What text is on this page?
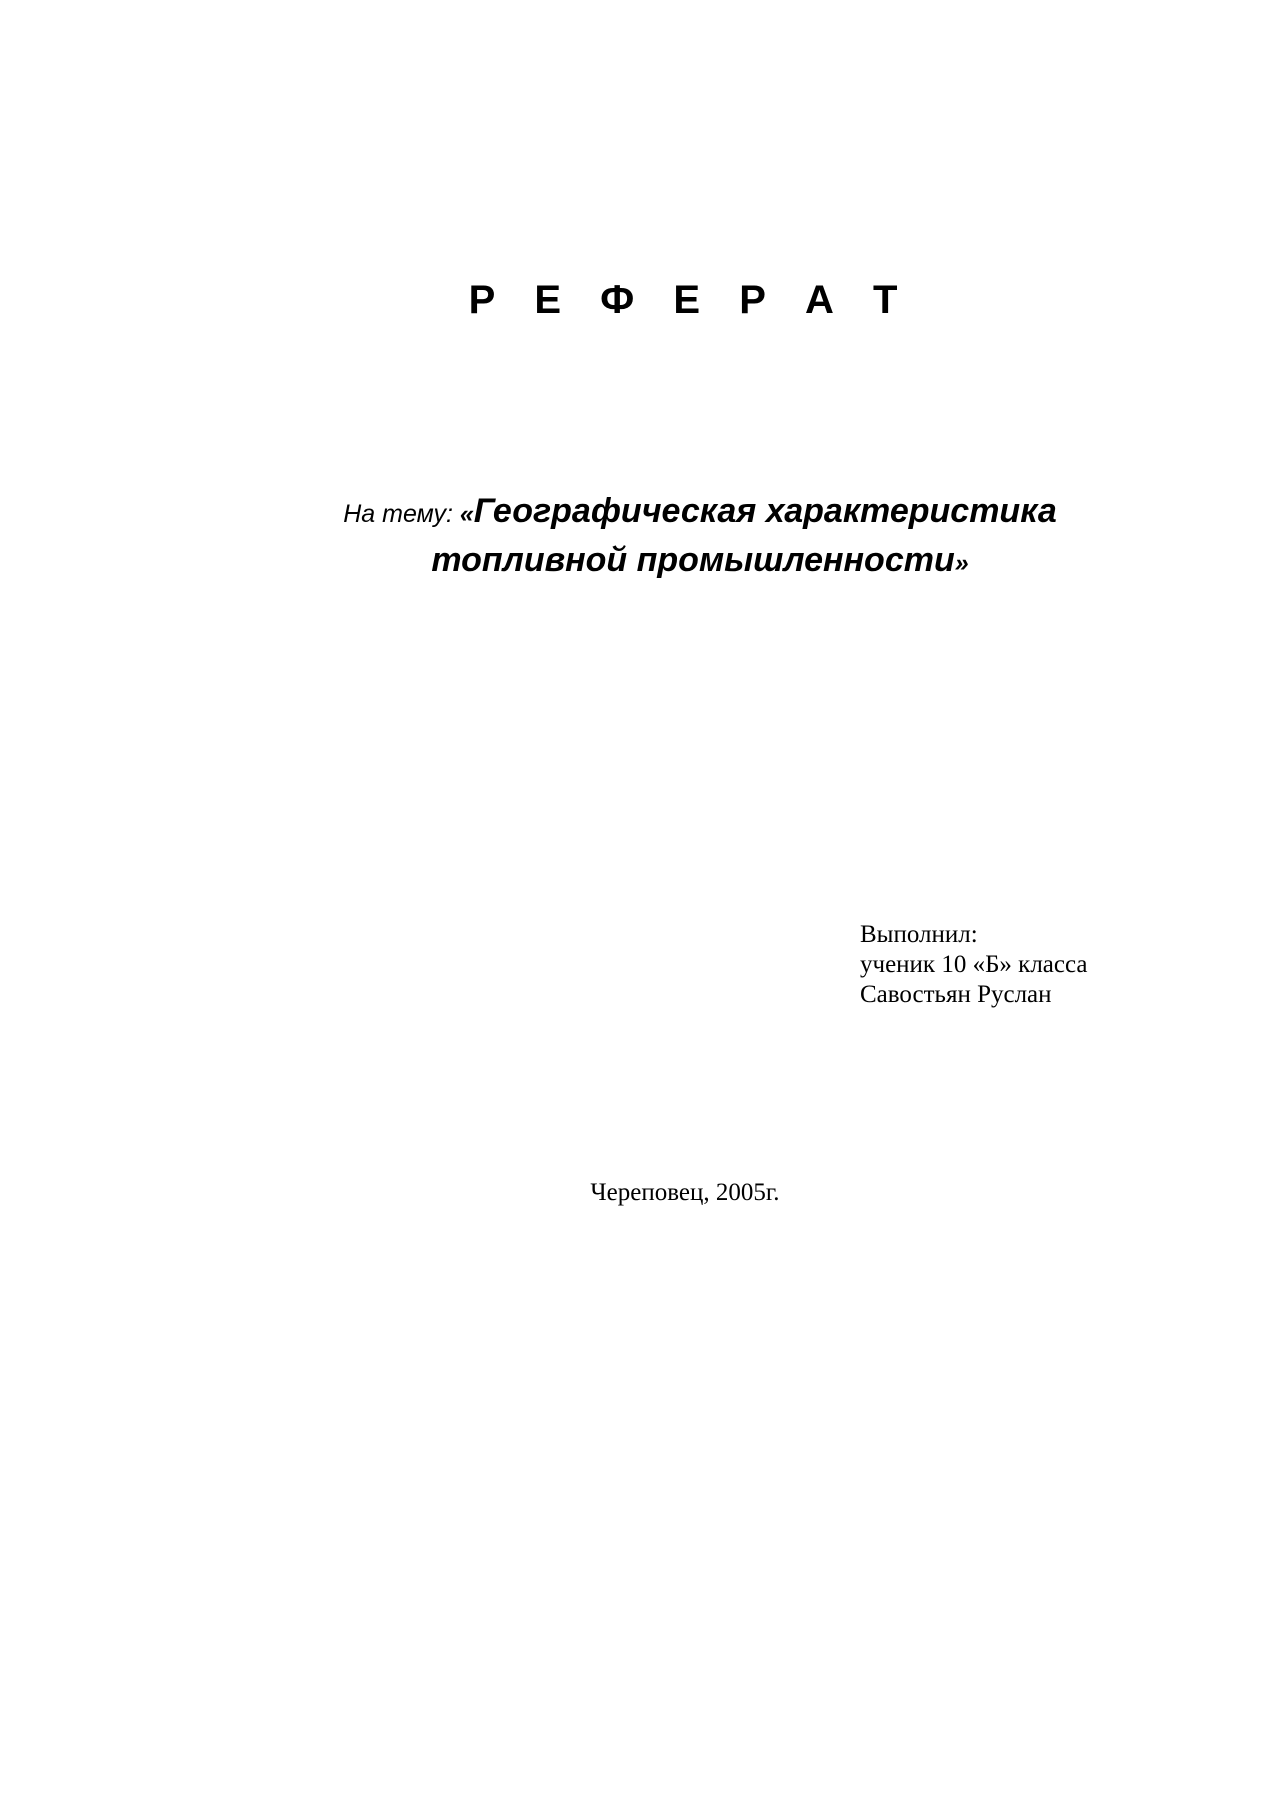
Р Е Ф Е Р А Т
На тему: «Географическая характеристика топливной промышленности»
Выполнил:
ученик 10 «Б» класса
Савостьян Руслан
Череповец, 2005г.
